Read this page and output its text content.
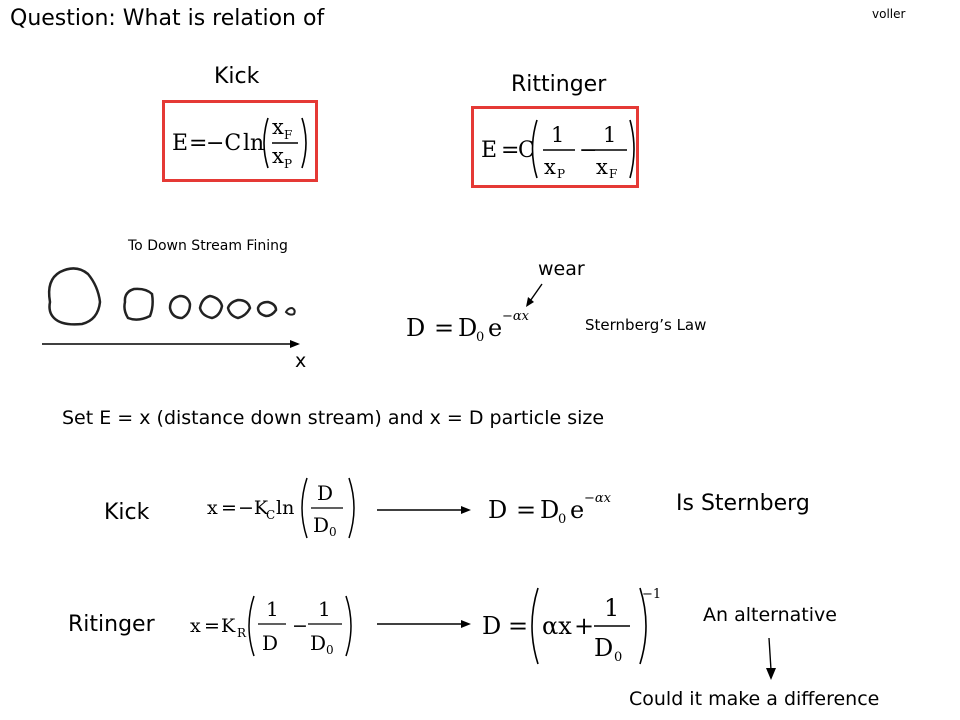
Question: What is relation of	voller
Kick	Rittinger
E =
−C ln
x F
x P
E =
C
1
x P
−
1
x F
To Down Stream Fining
x
wear
D = D
0 e −αx	Sternberg’s Law
Set E = x (distance down stream) and x = D particle size
Kick	x = −K
C ln
D
D 0
D = D
0 e −αx	Is Sternberg
Ritinger x = K R
1
D
−
1
D 0
D = αx +
1
D 0
−1
An alternative
Could it make a difference
